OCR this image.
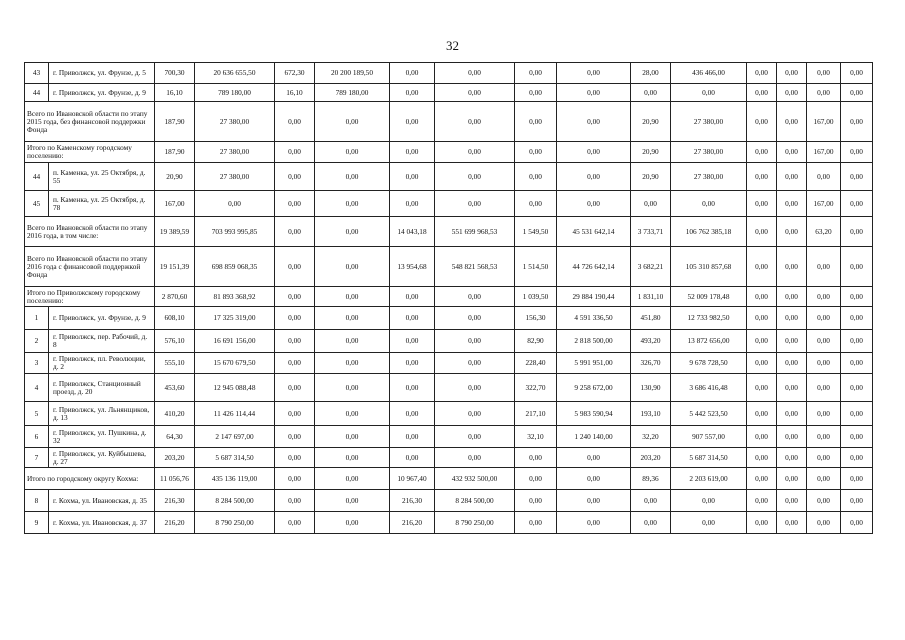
32
43	г. Приволжск, ул. Фрунзе, д. 5	700,30	20 636 655,50	672,30	20 200 189,50	0,00	0,00	0,00	0,00	28,00	436 466,00	0,00	0,00	0,00	0,00
44	г. Приволжск, ул. Фрунзе, д. 9	16,10	789 180,00	16,10	789 180,00	0,00	0,00	0,00	0,00	0,00	0,00	0,00	0,00	0,00	0,00
Всего по Ивановской области по этапу 2015 года, без финансовой поддержки Фонда		187,90	27 380,00	0,00	0,00	0,00	0,00	0,00	0,00	20,90	27 380,00	0,00	0,00	167,00	0,00
Итого по Каменскому городскому поселению:		187,90	27 380,00	0,00	0,00	0,00	0,00	0,00	0,00	20,90	27 380,00	0,00	0,00	167,00	0,00
44	п. Каменка, ул. 25 Октября, д. 55	20,90	27 380,00	0,00	0,00	0,00	0,00	0,00	0,00	20,90	27 380,00	0,00	0,00	0,00	0,00
45	п. Каменка, ул. 25 Октября, д. 78	167,00	0,00	0,00	0,00	0,00	0,00	0,00	0,00	0,00	0,00	0,00	0,00	167,00	0,00
Всего по Ивановской области по этапу 2016 года, в том числе:		19 389,59	703 993 995,85	0,00	0,00	14 043,18	551 699 968,53	1 549,50	45 531 642,14	3 733,71	106 762 385,18	0,00	0,00	63,20	0,00
Всего по Ивановской области по этапу 2016 года с финансовой поддержкой Фонда		19 151,39	698 859 068,35	0,00	0,00	13 954,68	548 821 568,53	1 514,50	44 726 642,14	3 682,21	105 310 857,68	0,00	0,00	0,00	0,00
Итого по Приволжскому городскому поселению:		2 870,60	81 893 368,92	0,00	0,00	0,00	0,00	1 039,50	29 884 190,44	1 831,10	52 009 178,48	0,00	0,00	0,00	0,00
1	г. Приволжск, ул. Фрунзе, д. 9	608,10	17 325 319,00	0,00	0,00	0,00	0,00	156,30	4 591 336,50	451,80	12 733 982,50	0,00	0,00	0,00	0,00
2	г. Приволжск, пер. Рабочий, д. 8	576,10	16 691 156,00	0,00	0,00	0,00	0,00	82,90	2 818 500,00	493,20	13 872 656,00	0,00	0,00	0,00	0,00
3	г. Приволжск, пл. Революции, д. 2	555,10	15 670 679,50	0,00	0,00	0,00	0,00	228,40	5 991 951,00	326,70	9 678 728,50	0,00	0,00	0,00	0,00
4	г. Приволжск, Станционный проезд, д. 20	453,60	12 945 088,48	0,00	0,00	0,00	0,00	322,70	9 258 672,00	130,90	3 686 416,48	0,00	0,00	0,00	0,00
5	г. Приволжск, ул. Льнянщиков, д. 13	410,20	11 426 114,44	0,00	0,00	0,00	0,00	217,10	5 983 590,94	193,10	5 442 523,50	0,00	0,00	0,00	0,00
6	г. Приволжск, ул. Пушкина, д. 32	64,30	2 147 697,00	0,00	0,00	0,00	0,00	32,10	1 240 140,00	32,20	907 557,00	0,00	0,00	0,00	0,00
7	г. Приволжск, ул. Куйбышева, д. 27	203,20	5 687 314,50	0,00	0,00	0,00	0,00	0,00	0,00	203,20	5 687 314,50	0,00	0,00	0,00	0,00
Итого по городскому округу Кохма:		11 056,76	435 136 119,00	0,00	0,00	10 967,40	432 932 500,00	0,00	0,00	89,36	2 203 619,00	0,00	0,00	0,00	0,00
8	г. Кохма, ул. Ивановская, д. 35	216,30	8 284 500,00	0,00	0,00	216,30	8 284 500,00	0,00	0,00	0,00	0,00	0,00	0,00	0,00	0,00
9	г. Кохма, ул. Ивановская, д. 37	216,20	8 790 250,00	0,00	0,00	216,20	8 790 250,00	0,00	0,00	0,00	0,00	0,00	0,00	0,00	0,00
